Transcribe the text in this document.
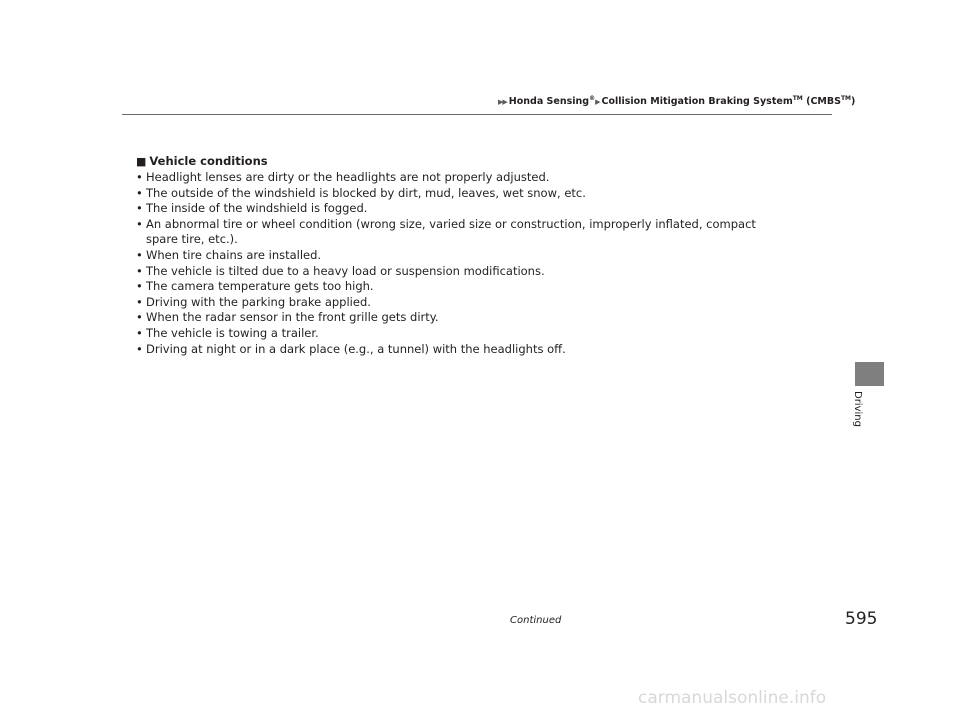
▶▶ Honda Sensing®▶ Collision Mitigation Braking System™ (CMBS™)
■ Vehicle conditions
• Headlight lenses are dirty or the headlights are not properly adjusted.
• The outside of the windshield is blocked by dirt, mud, leaves, wet snow, etc.
• The inside of the windshield is fogged.
• An abnormal tire or wheel condition (wrong size, varied size or construction, improperly inflated, compact spare tire, etc.).
• When tire chains are installed.
• The vehicle is tilted due to a heavy load or suspension modifications.
• The camera temperature gets too high.
• Driving with the parking brake applied.
• When the radar sensor in the front grille gets dirty.
• The vehicle is towing a trailer.
• Driving at night or in a dark place (e.g., a tunnel) with the headlights off.
Driving
Continued	595
carmanualsonline.info
